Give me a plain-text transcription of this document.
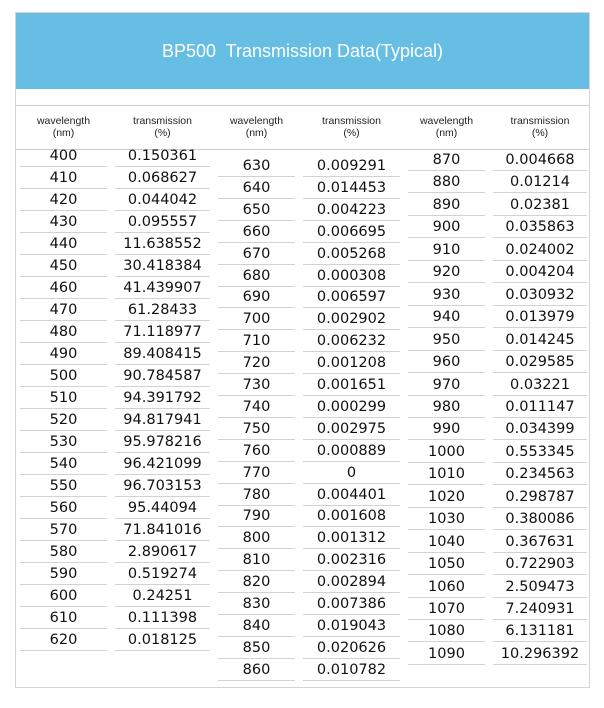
BP500  Transmission Data(Typical)
wavelength
(nm)
transmission
(%)
wavelength
(nm)
transmission
(%)
wavelength
(nm)
transmission
(%)
400	0.150361
410	0.068627
420	0.044042
430	0.095557
440	11.638552
450	30.418384
460	41.439907
470	61.28433
480	71.118977
490	89.408415
500	90.784587
510	94.391792
520	94.817941
530	95.978216
540	96.421099
550	96.703153
560	95.44094
570	71.841016
580	2.890617
590	0.519274
600	0.24251
610	0.111398
620	0.018125
630	0.009291
640	0.014453
650	0.004223
660	0.006695
670	0.005268
680	0.000308
690	0.006597
700	0.002902
710	0.006232
720	0.001208
730	0.001651
740	0.000299
750	0.002975
760	0.000889
770	0
780	0.004401
790	0.001608
800	0.001312
810	0.002316
820	0.002894
830	0.007386
840	0.019043
850	0.020626
860	0.010782
870	0.004668
880	0.01214
890	0.02381
900	0.035863
910	0.024002
920	0.004204
930	0.030932
940	0.013979
950	0.014245
960	0.029585
970	0.03221
980	0.011147
990	0.034399
1000	0.553345
1010	0.234563
1020	0.298787
1030	0.380086
1040	0.367631
1050	0.722903
1060	2.509473
1070	7.240931
1080	6.131181
1090	10.296392
